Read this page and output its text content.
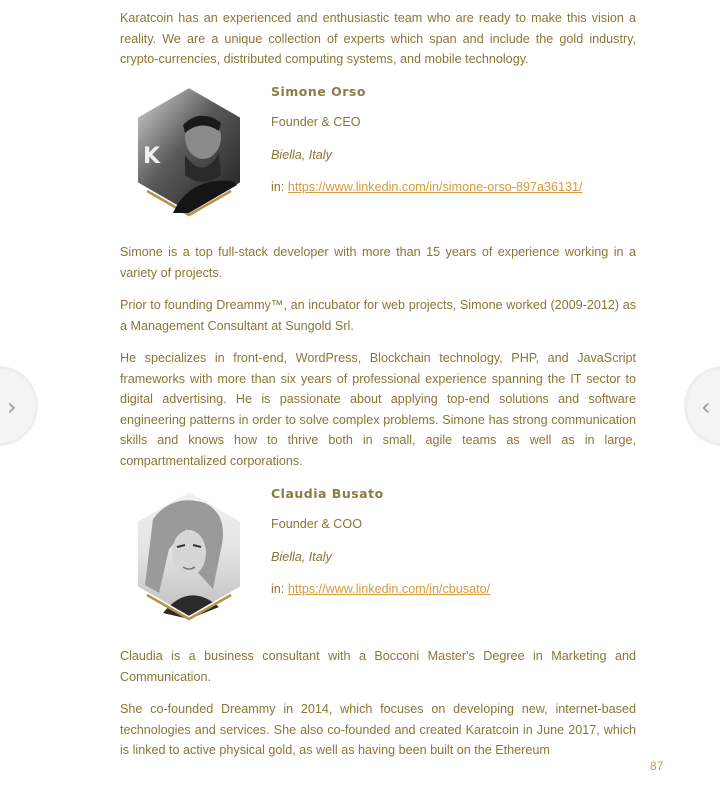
Karatcoin has an experienced and enthusiastic team who are ready to make this vision a reality. We are a unique collection of experts which span and include the gold industry, crypto-currencies, distributed computing systems, and mobile technology.

K
Simone Orso
Founder & CEO
Biella, Italy
in: https://www.linkedin.com/in/simone-orso-897a36131/

Simone is a top full-stack developer with more than 15 years of experience working in a variety of projects.

Prior to founding Dreammy™, an incubator for web projects, Simone worked (2009-2012) as a Management Consultant at Sungold Srl.

He specializes in front-end, WordPress, Blockchain technology, PHP, and JavaScript frameworks with more than six years of professional experience spanning the IT sector to digital advertising. He is passionate about applying top-end solutions and software engineering patterns in order to solve complex problems. Simone has strong communication skills and knows how to thrive both in small, agile teams as well as in large, compartmentalized corporations.

Claudia Busato
Founder & COO
Biella, Italy
in: https://www.linkedin.com/in/cbusato/

Claudia is a business consultant with a Bocconi Master's Degree in Marketing and Communication.

She co-founded Dreammy in 2014, which focuses on developing new, internet-based technologies and services. She also co-founded and created Karatcoin in June 2017, which is linked to active physical gold, as well as having been built on the Ethereum

87
›	‹
